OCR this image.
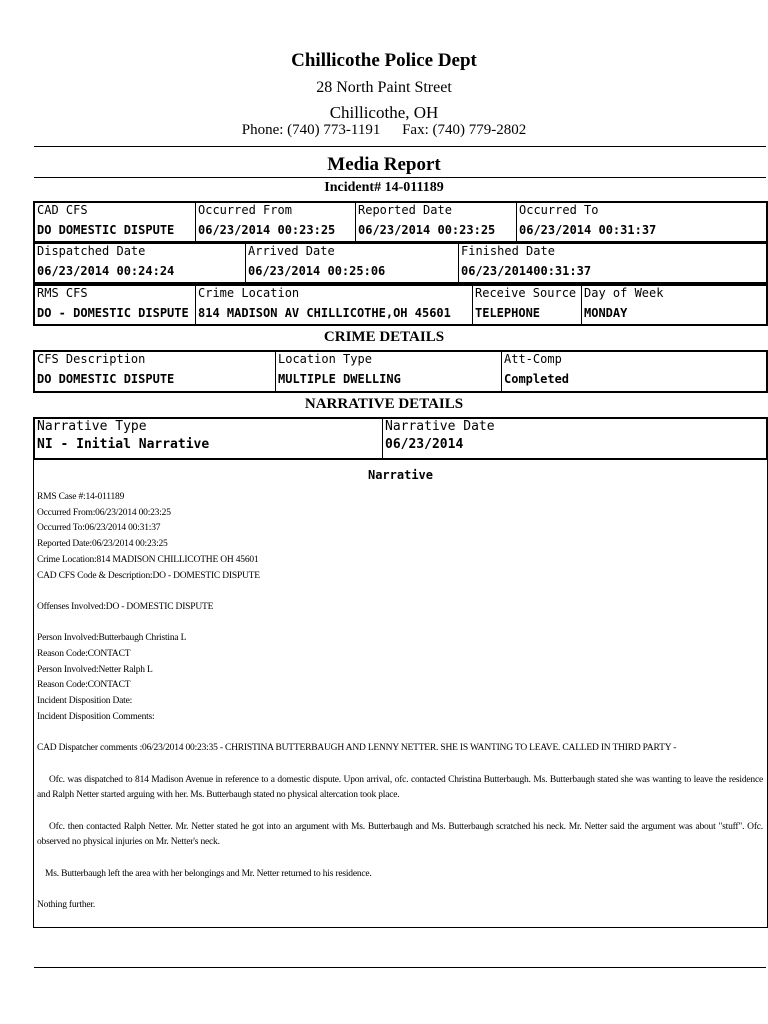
Chillicothe Police Dept
28 North Paint Street
Chillicothe, OH
Phone: (740) 773-1191 Fax: (740) 779-2802
Media Report
Incident# 14-011189
CAD CFS
DO DOMESTIC DISPUTE
Occurred From
06/23/2014 00:23:25
Reported Date
06/23/2014 00:23:25
Occurred To
06/23/2014 00:31:37
Dispatched Date
06/23/2014 00:24:24
Arrived Date
06/23/2014 00:25:06
Finished Date
06/23/201400:31:37
RMS CFS
DO - DOMESTIC DISPUTE
Crime Location
814 MADISON AV CHILLICOTHE,OH 45601
Receive Source
TELEPHONE
Day of Week
MONDAY
CRIME DETAILS
CFS Description
DO DOMESTIC DISPUTE
Location Type
MULTIPLE DWELLING
Att-Comp
Completed
NARRATIVE DETAILS
Narrative Type
NI - Initial Narrative
Narrative Date
06/23/2014
Narrative
RMS Case #:14-011189
Occurred From:06/23/2014 00:23:25
Occurred To:06/23/2014 00:31:37
Reported Date:06/23/2014 00:23:25
Crime Location:814 MADISON CHILLICOTHE OH 45601
CAD CFS Code & Description:DO - DOMESTIC DISPUTE
Offenses Involved:DO - DOMESTIC DISPUTE
Person Involved:Butterbaugh Christina L
Reason Code:CONTACT
Person Involved:Netter Ralph L
Reason Code:CONTACT
Incident Disposition Date:
Incident Disposition Comments:
CAD Dispatcher comments :06/23/2014 00:23:35 - CHRISTINA BUTTERBAUGH AND LENNY NETTER. SHE IS WANTING TO LEAVE. CALLED IN THIRD PARTY -
Ofc. was dispatched to 814 Madison Avenue in reference to a domestic dispute. Upon arrival, ofc. contacted Christina Butterbaugh. Ms. Butterbaugh stated she was wanting to leave the residence and Ralph Netter started arguing with her. Ms. Butterbaugh stated no physical altercation took place.
Ofc. then contacted Ralph Netter. Mr. Netter stated he got into an argument with Ms. Butterbaugh and Ms. Butterbaugh scratched his neck. Mr. Netter said the argument was about "stuff". Ofc. observed no physical injuries on Mr. Netter's neck.
Ms. Butterbaugh left the area with her belongings and Mr. Netter returned to his residence.
Nothing further.
